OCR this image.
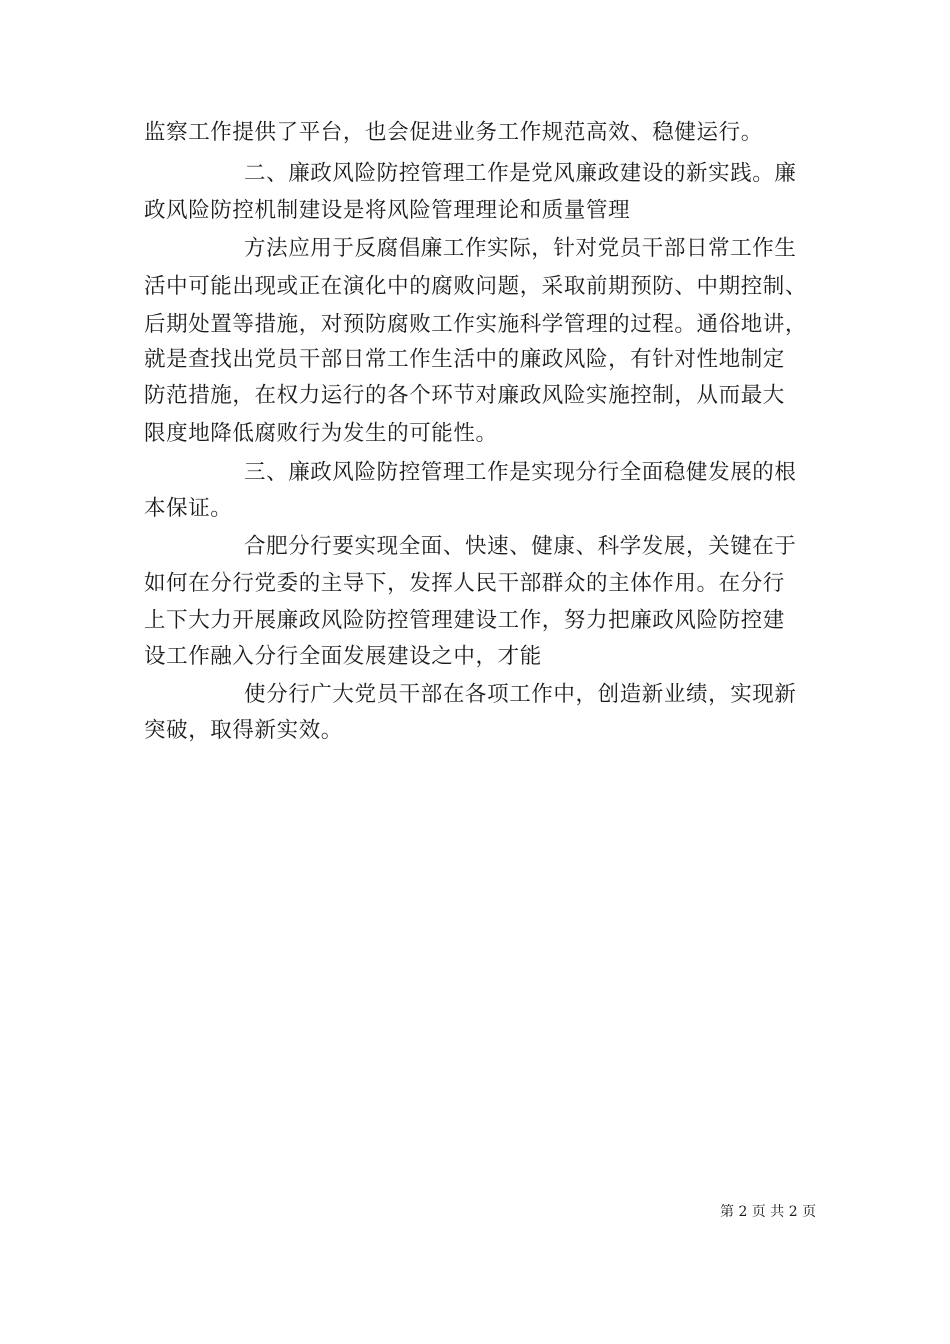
监察工作提供了平台，也会促进业务工作规范高效、稳健运行。
二、廉政风险防控管理工作是党风廉政建设的新实践。廉
政风险防控机制建设是将风险管理理论和质量管理
方法应用于反腐倡廉工作实际，针对党员干部日常工作生
活中可能出现或正在演化中的腐败问题，采取前期预防、中期控制、
后期处置等措施，对预防腐败工作实施科学管理的过程。通俗地讲，
就是查找出党员干部日常工作生活中的廉政风险，有针对性地制定
防范措施，在权力运行的各个环节对廉政风险实施控制，从而最大
限度地降低腐败行为发生的可能性。
三、廉政风险防控管理工作是实现分行全面稳健发展的根
本保证。
合肥分行要实现全面、快速、健康、科学发展，关键在于
如何在分行党委的主导下，发挥人民干部群众的主体作用。在分行
上下大力开展廉政风险防控管理建设工作，努力把廉政风险防控建
设工作融入分行全面发展建设之中，才能
使分行广大党员干部在各项工作中，创造新业绩，实现新
突破，取得新实效。
第 2 页 共 2 页
